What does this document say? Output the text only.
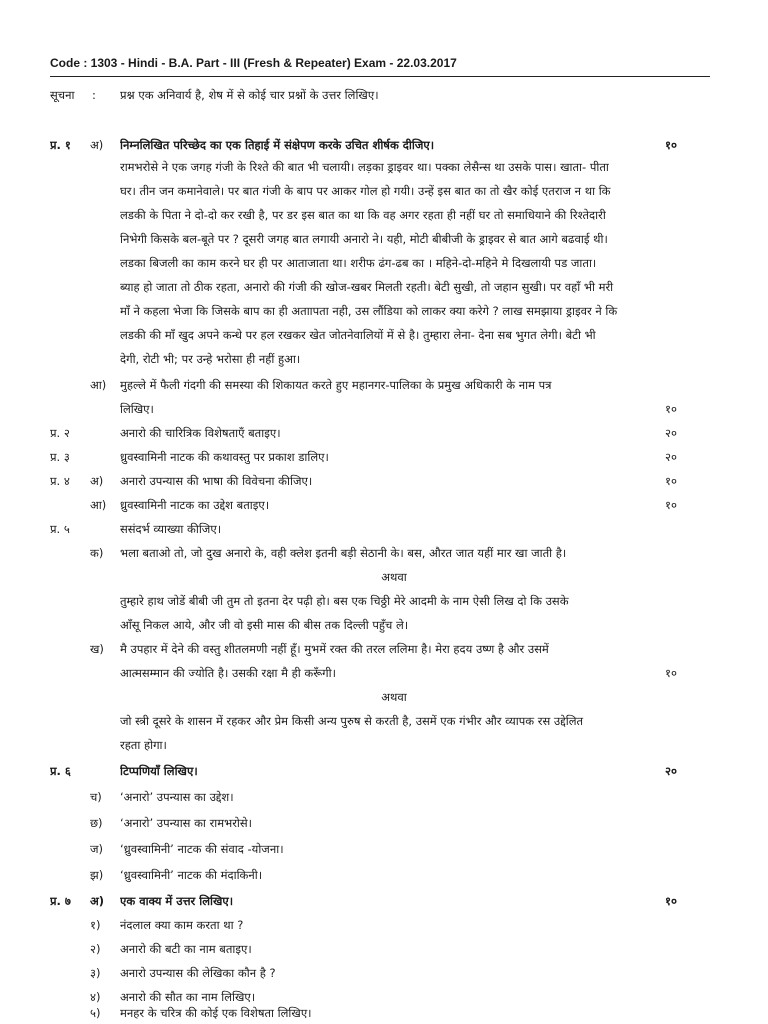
Code : 1303 - Hindi - B.A. Part - III (Fresh & Repeater) Exam - 22.03.2017
सूचना	:	प्रश्न एक अनिवार्य है, शेष में से कोई चार प्रश्नों के उत्तर लिखिए।
प्र. १	अ)	निम्नलिखित परिच्छेद का एक तिहाई में संक्षेपण करके उचित शीर्षक दीजिए।	१०
रामभरोसे ने एक जगह गंजी के रिश्ते की बात भी चलायी। लड़का ड्राइवर था। पक्का लेसैन्स था उसके पास। खाता- पीता
घर। तीन जन कमानेवाले। पर बात गंजी के बाप पर आकर गोल हो गयी। उन्हें इस बात का तो खैर कोई एतराज न था कि
लडकी के पिता ने दो-दो कर रखी है, पर डर इस बात का था कि वह अगर रहता ही नहीं घर तो समाधियाने की रिश्तेदारी
निभेगी किसके बल-बूते पर ? दूसरी जगह बात लगायी अनारो ने। यही, मोटी बीबीजी के ड्राइवर से बात आगे बढवाई थी।
लडका बिजली का काम करने घर ही पर आताजाता था। शरीफ ढंग-ढब का । महिने-दो-महिने मे दिखलायी पड जाता।
ब्याह हो जाता तो ठीक रहता, अनारो की गंजी की खोज-खबर मिलती रहती। बेटी सुखी, तो जहान सुखी। पर वहाँ भी मरी
माँ ने कहला भेजा कि जिसके बाप का ही अताापता नही, उस लौंडिया को लाकर क्या करेगे ? लाख समझाया ड्राइवर ने कि
लडकी की माँ खुद अपने कन्धे पर हल रखकर खेत जोतनेवालियों में से है। तुम्हारा लेना- देना सब भुगत लेगी। बेटी भी
देगी, रोटी भी; पर उन्हे भरोसा ही नहीं हुआ।
आ)	मुहल्ले में फैली गंदगी की समस्या की शिकायत करते हुए महानगर-पालिका के प्रमुख अधिकारी के नाम पत्र
लिखिए।	१०
प्र. २	अनारो की चारित्रिक विशेषताएँ बताइए।	२०
प्र. ३	ध्रुवस्वामिनी नाटक की कथावस्तु पर प्रकाश डालिए।	२०
प्र. ४	अ)	अनारो उपन्यास की भाषा की विवेचना कीजिए।	१०
आ)	ध्रुवस्वामिनी नाटक का उद्देश बताइए।	१०
प्र. ५	ससंदर्भ व्याख्या कीजिए।
क)	भला बताओ तो, जो दुख अनारो के, वही क्लेश इतनी बड़ी सेठानी के। बस, औरत जात यहीं मार खा जाती है।
अथवा
तुम्हारे हाथ जोडें बीबी जी तुम तो इतना देर पढ़ी हो। बस एक चिठ्ठी मेरे आदमी के नाम ऐसी लिख दो कि उसके
आँसू निकल आये, और जी वो इसी मास की बीस तक दिल्ली पहुँच ले।
ख)	मै उपहार में देने की वस्तु शीतलमणी नहीं हूँ। मुभमें रक्त की तरल ललिमा है। मेरा हदय उष्ण है और उसमें
आत्मसम्मान की ज्योति है। उसकी रक्षा मै ही करूँगी।	१०
अथवा
जो स्त्री दूसरे के शासन में रहकर और प्रेम किसी अन्य पुरुष से करती है, उसमें एक गंभीर और व्यापक रस उद्देलित
रहता होगा।
प्र. ६	टिप्पणियाँ लिखिए।	२०
च)	‘अनारो’ उपन्यास का उद्देश।
छ)	‘अनारो’ उपन्यास का रामभरोसे।
ज)	‘ध्रुवस्वामिनी’ नाटक की संवाद -योजना।
झ)	‘ध्रुवस्वामिनी’ नाटक की मंदाकिनी।
प्र. ७	अ)	एक वाक्य में उत्तर लिखिए।	१०
१)	नंदलाल क्या काम करता था ?
२)	अनारो की बटी का नाम बताइए।
३)	अनारो उपन्यास की लेखिका कौन है ?
४)	अनारो की सौत का नाम लिखिए।
५)	मनहर के चरित्र की कोई एक विशेषता लिखिए।
